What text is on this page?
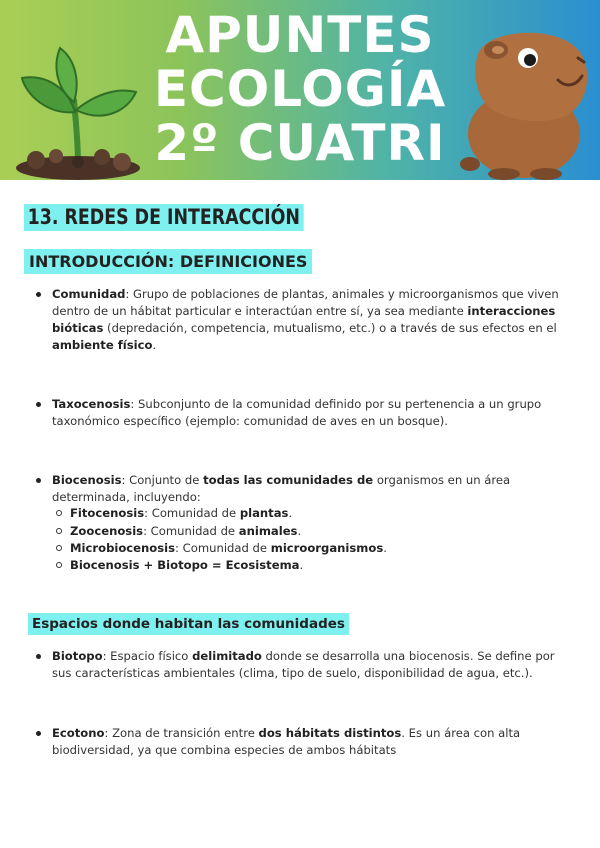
APUNTES
ECOLOGÍA
2º CUATRI
13. REDES DE INTERACCIÓN
INTRODUCCIÓN: DEFINICIONES
Comunidad: Grupo de poblaciones de plantas, animales y microorganismos que viven dentro de un hábitat particular e interactúan entre sí, ya sea mediante interacciones bióticas (depredación, competencia, mutualismo, etc.) o a través de sus efectos en el ambiente físico.
Taxocenosis: Subconjunto de la comunidad definido por su pertenencia a un grupo taxonómico específico (ejemplo: comunidad de aves en un bosque).
Biocenosis: Conjunto de todas las comunidades de organismos en un área determinada, incluyendo:
Fitocenosis: Comunidad de plantas.
Zoocenosis: Comunidad de animales.
Microbiocenosis: Comunidad de microorganismos.
Biocenosis + Biotopo = Ecosistema.
Espacios donde habitan las comunidades
Biotopo: Espacio físico delimitado donde se desarrolla una biocenosis. Se define por sus características ambientales (clima, tipo de suelo, disponibilidad de agua, etc.).
Ecotono: Zona de transición entre dos hábitats distintos. Es un área con alta biodiversidad, ya que combina especies de ambos hábitats
